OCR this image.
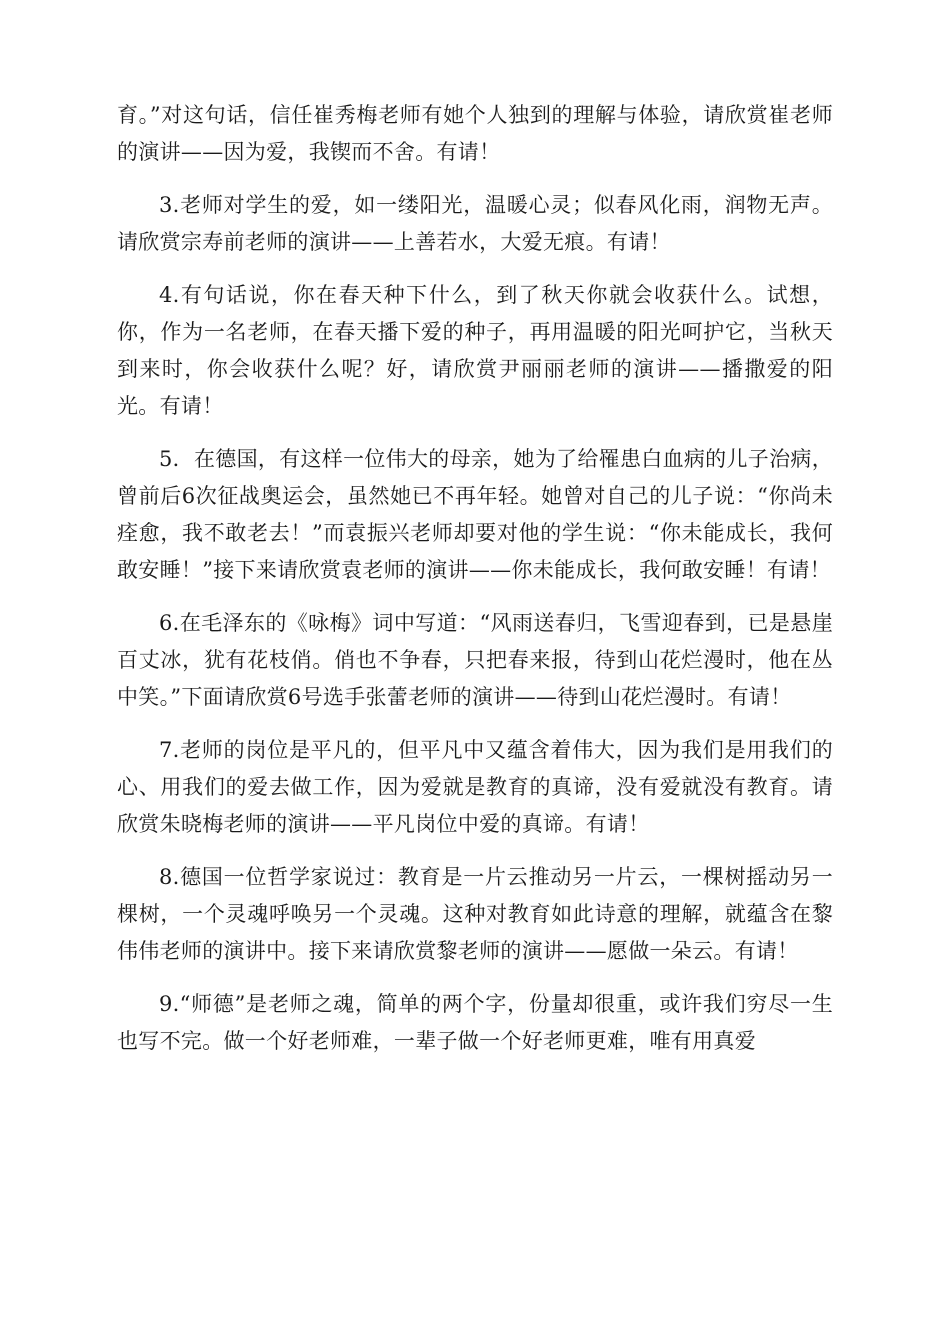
育。”对这句话，信任崔秀梅老师有她个人独到的理解与体验，请欣赏崔老师的演讲——因为爱，我锲而不舍。有请！

3.老师对学生的爱，如一缕阳光，温暖心灵；似春风化雨，润物无声。请欣赏宗寿前老师的演讲——上善若水，大爱无痕。有请！

4.有句话说，你在春天种下什么，到了秋天你就会收获什么。试想，你，作为一名老师，在春天播下爱的种子，再用温暖的阳光呵护它，当秋天到来时，你会收获什么呢？好，请欣赏尹丽丽老师的演讲——播撒爱的阳光。有请！

5．在德国，有这样一位伟大的母亲，她为了给罹患白血病的儿子治病，曾前后6次征战奥运会，虽然她已不再年轻。她曾对自己的儿子说：“你尚未痊愈，我不敢老去！”而袁振兴老师却要对他的学生说：“你未能成长，我何敢安睡！”接下来请欣赏袁老师的演讲——你未能成长，我何敢安睡！有请！

6.在毛泽东的《咏梅》词中写道：“风雨送春归，飞雪迎春到，已是悬崖百丈冰，犹有花枝俏。俏也不争春，只把春来报，待到山花烂漫时，他在丛中笑。”下面请欣赏6号选手张蕾老师的演讲——待到山花烂漫时。有请！

7.老师的岗位是平凡的，但平凡中又蕴含着伟大，因为我们是用我们的心、用我们的爱去做工作，因为爱就是教育的真谛，没有爱就没有教育。请欣赏朱晓梅老师的演讲——平凡岗位中爱的真谛。有请！

8.德国一位哲学家说过：教育是一片云推动另一片云，一棵树摇动另一棵树，一个灵魂呼唤另一个灵魂。这种对教育如此诗意的理解，就蕴含在黎伟伟老师的演讲中。接下来请欣赏黎老师的演讲——愿做一朵云。有请！

9.“师德”是老师之魂，简单的两个字，份量却很重，或许我们穷尽一生也写不完。做一个好老师难，一辈子做一个好老师更难，唯有用真爱
